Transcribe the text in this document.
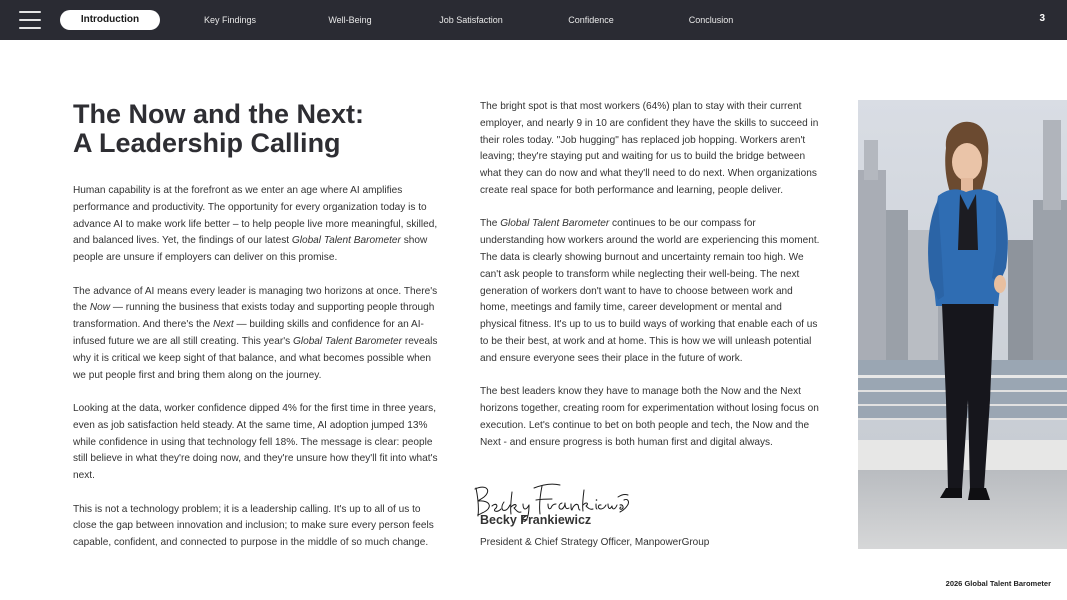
Introduction	Key Findings	Well-Being	Job Satisfaction	Confidence	Conclusion	3
The Now and the Next:
A Leadership Calling

Human capability is at the forefront as we enter an age where AI amplifies performance and productivity. The opportunity for every organization today is to advance AI to make work life better – to help people live more meaningful, skilled, and balanced lives. Yet, the findings of our latest Global Talent Barometer show people are unsure if employers can deliver on this promise.

The advance of AI means every leader is managing two horizons at once. There's the Now — running the business that exists today and supporting people through transformation. And there's the Next — building skills and confidence for an AI-infused future we are all still creating. This year's Global Talent Barometer reveals why it is critical we keep sight of that balance, and what becomes possible when we put people first and bring them along on the journey.

Looking at the data, worker confidence dipped 4% for the first time in three years, even as job satisfaction held steady. At the same time, AI adoption jumped 13% while confidence in using that technology fell 18%. The message is clear: people still believe in what they're doing now, and they're unsure how they'll fit into what's next.

This is not a technology problem; it is a leadership calling. It's up to all of us to close the gap between innovation and inclusion; to make sure every person feels capable, confident, and connected to purpose in the middle of so much change.

The bright spot is that most workers (64%) plan to stay with their current employer, and nearly 9 in 10 are confident they have the skills to succeed in their roles today. "Job hugging" has replaced job hopping. Workers aren't leaving; they're staying put and waiting for us to build the bridge between what they can do now and what they'll need to do next. When organizations create real space for both performance and learning, people deliver.

The Global Talent Barometer continues to be our compass for understanding how workers around the world are experiencing this moment. The data is clearly showing burnout and uncertainty remain too high. We can't ask people to transform while neglecting their well-being. The next generation of workers don't want to have to choose between work and home, meetings and family time, career development or mental and physical fitness. It's up to us to build ways of working that enable each of us to be their best, at work and at home. This is how we will unleash potential and ensure everyone sees their place in the future of work.

The best leaders know they have to manage both the Now and the Next horizons together, creating room for experimentation without losing focus on execution. Let's continue to bet on both people and tech, the Now and the Next - and ensure progress is both human first and digital always.

Becky Frankiewicz
President & Chief Strategy Officer, ManpowerGroup
2026 Global Talent Barometer
